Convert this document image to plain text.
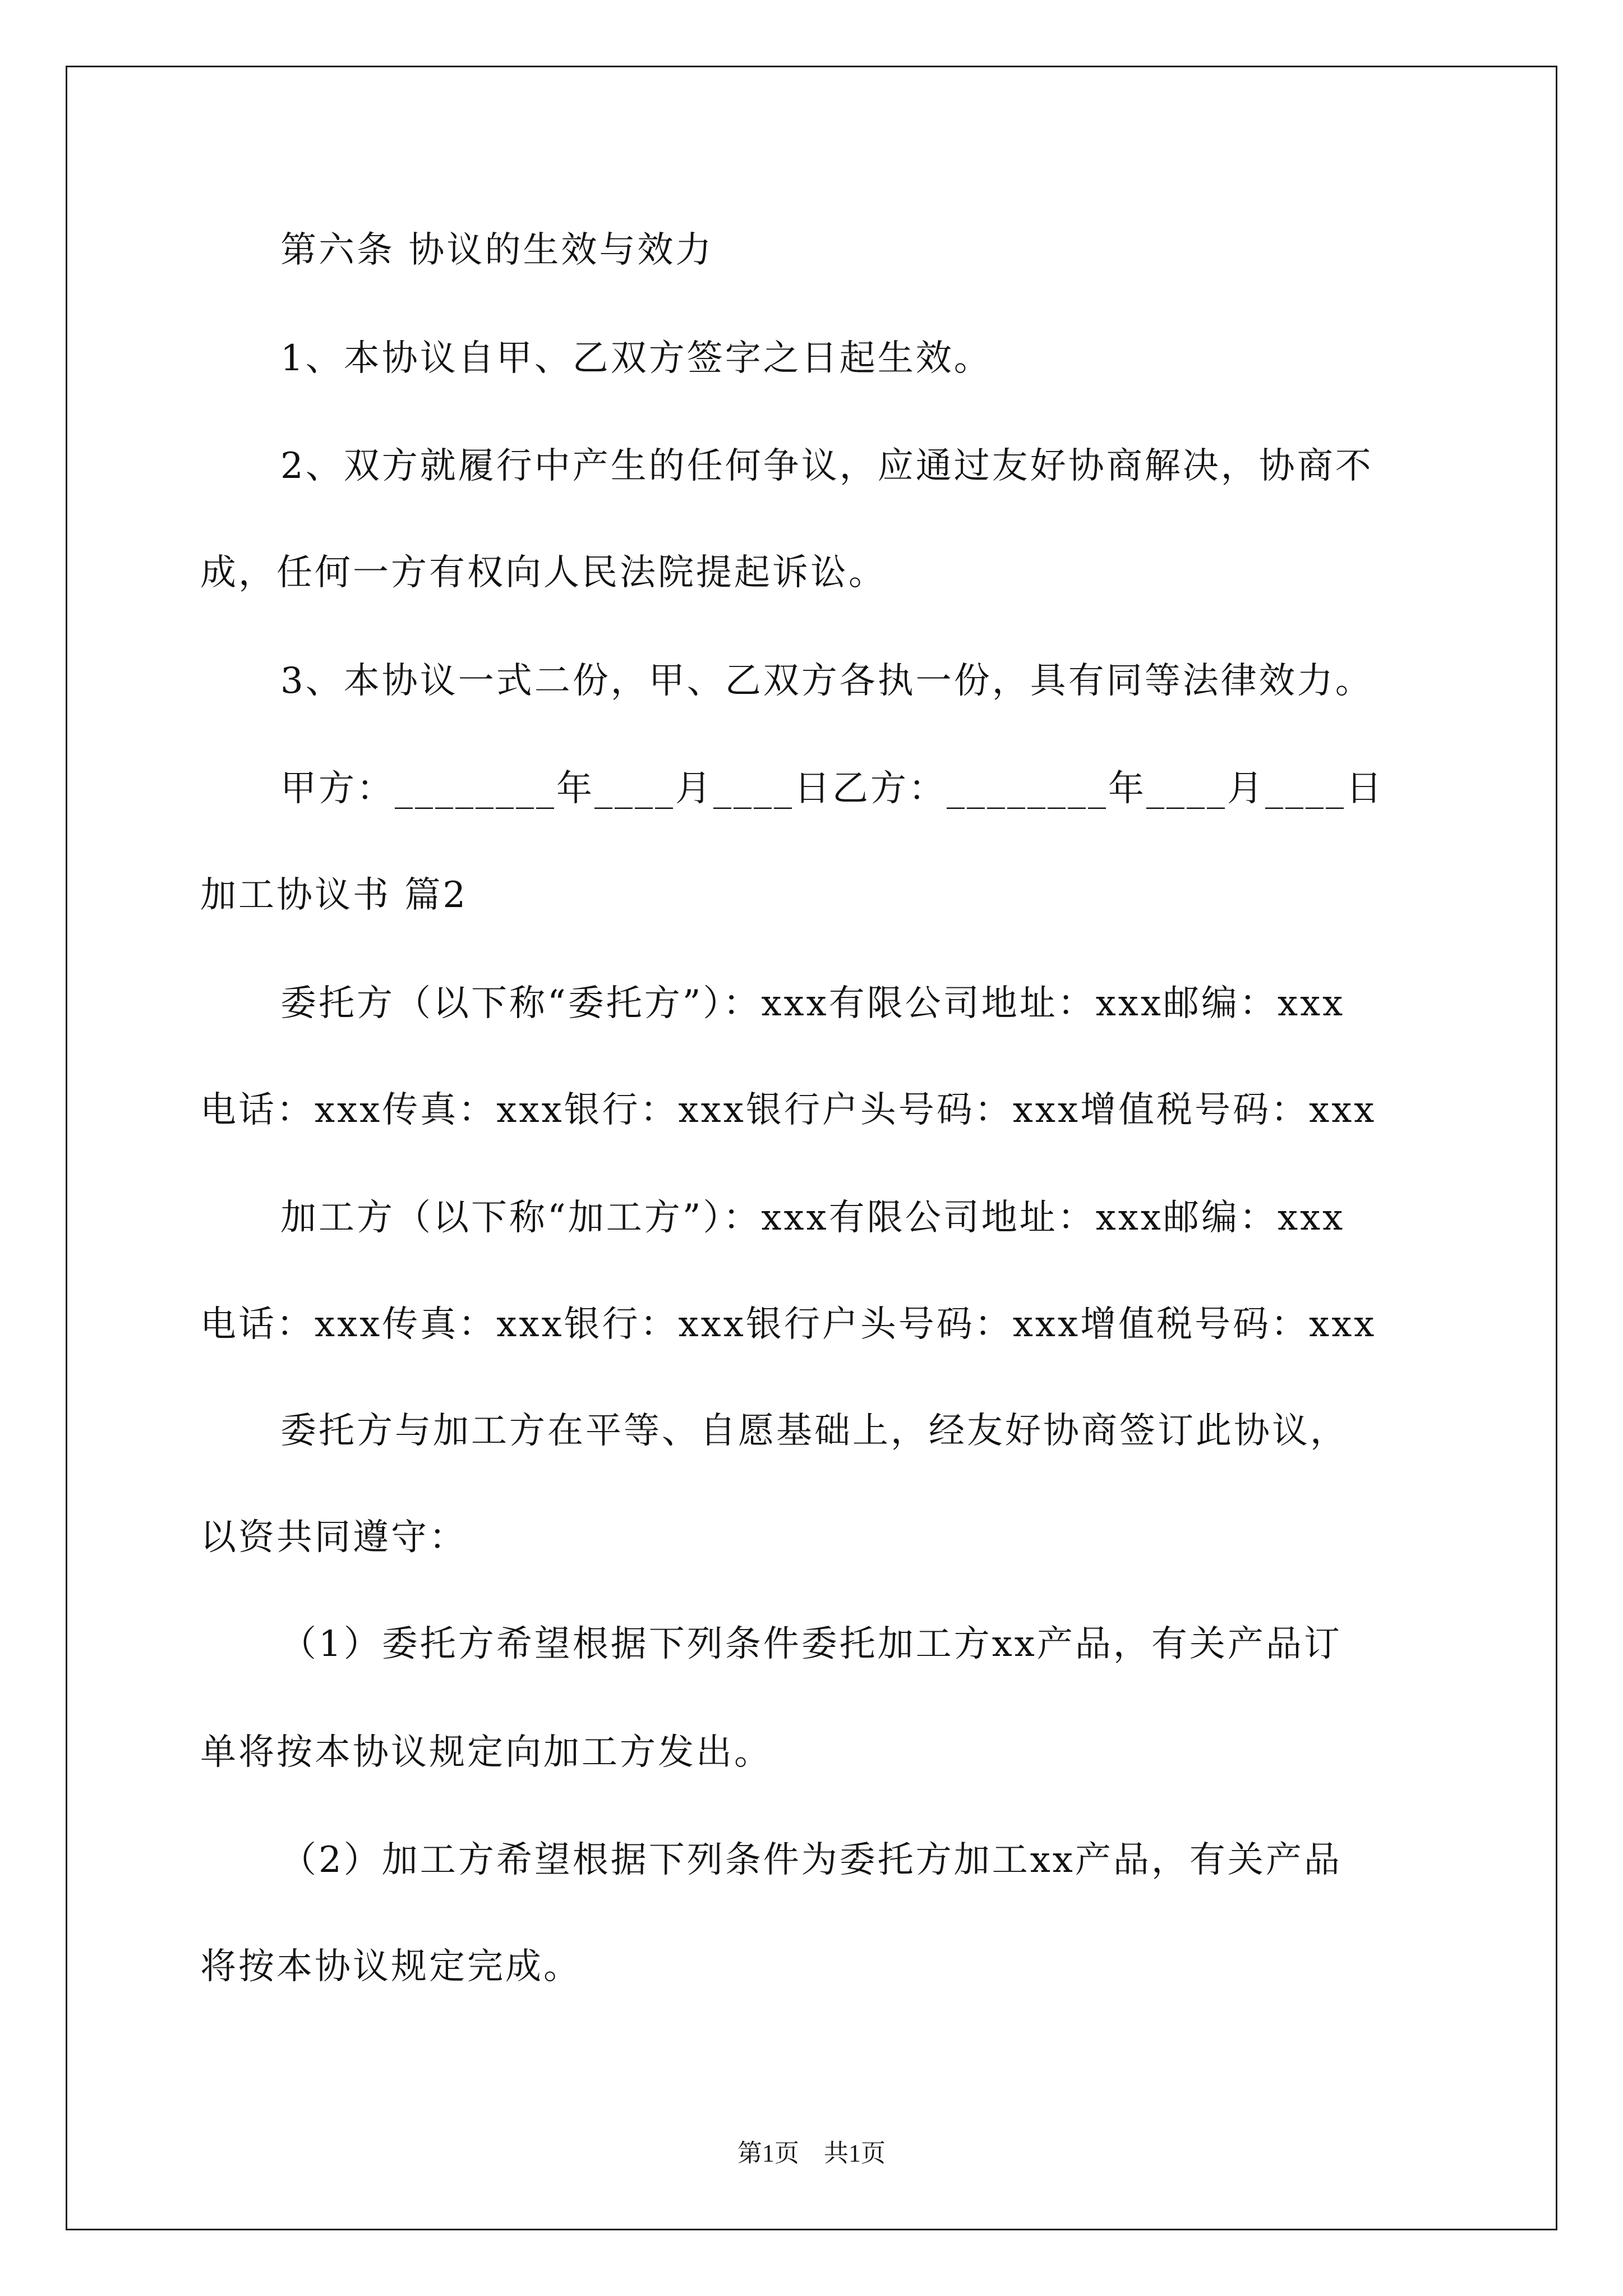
第六条 协议的生效与效力
1、本协议自甲、乙双方签字之日起生效。
2、双方就履行中产生的任何争议，应通过友好协商解决，协商不
成，任何一方有权向人民法院提起诉讼。
3、本协议一式二份，甲、乙双方各执一份，具有同等法律效力。
甲方：________年____月____日乙方：________年____月____日
加工协议书 篇2
委托方（以下称“委托方”）：xxx有限公司地址：xxx邮编：xxx
电话：xxx传真：xxx银行：xxx银行户头号码：xxx增值税号码：xxx
加工方（以下称“加工方”）：xxx有限公司地址：xxx邮编：xxx
电话：xxx传真：xxx银行：xxx银行户头号码：xxx增值税号码：xxx
委托方与加工方在平等、自愿基础上，经友好协商签订此协议，
以资共同遵守：
（1）委托方希望根据下列条件委托加工方xx产品，有关产品订
单将按本协议规定向加工方发出。
（2）加工方希望根据下列条件为委托方加工xx产品，有关产品
将按本协议规定完成。
第1页　共1页
